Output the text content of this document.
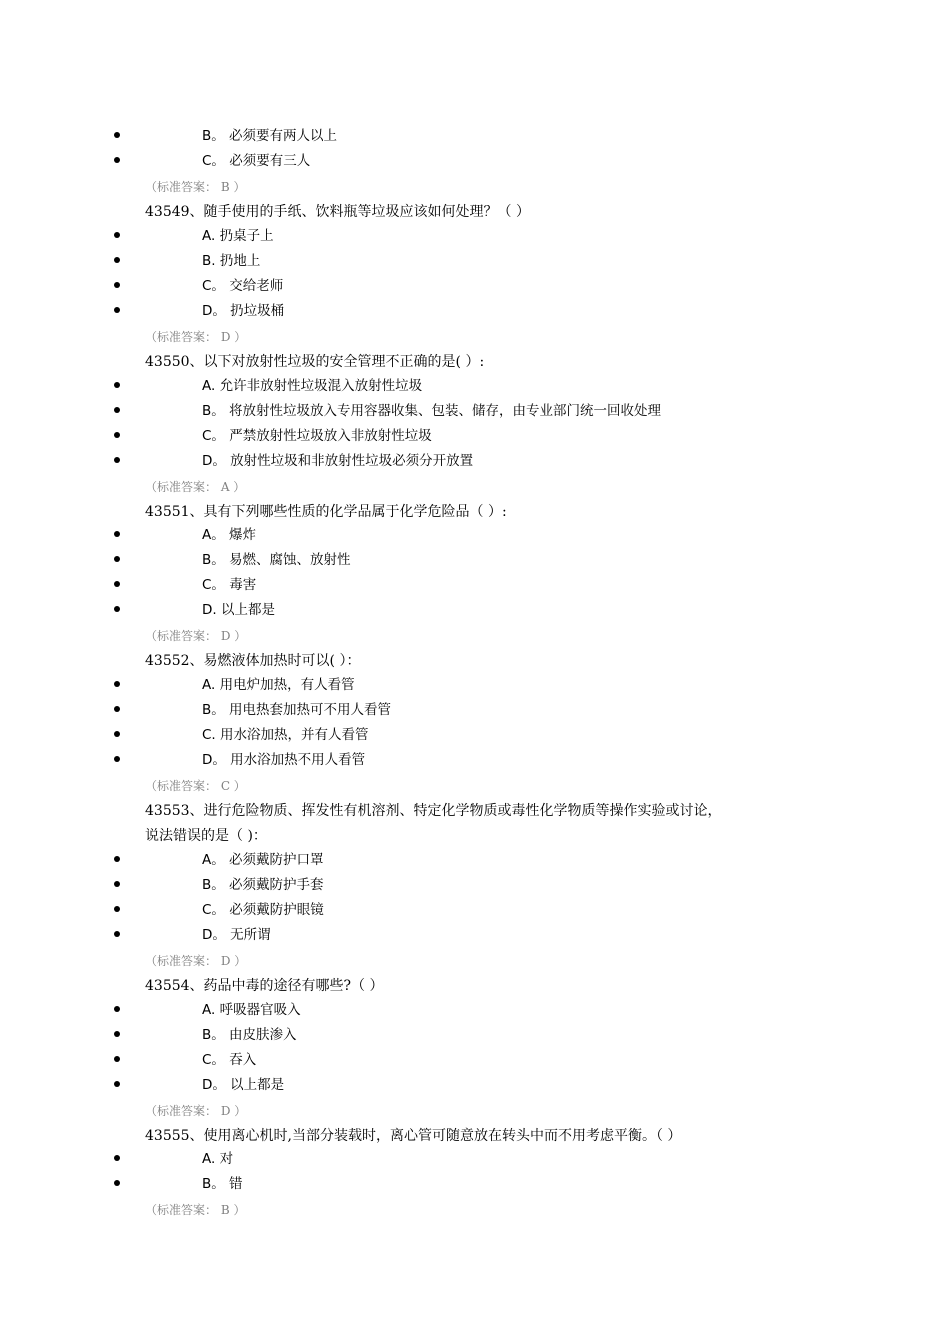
B。 必须要有两人以上
C。 必须要有三人
（标准答案： B ）
43549、随手使用的手纸、饮料瓶等垃圾应该如何处理？（ ）
A. 扔桌子上
B. 扔地上
C。 交给老师
D。 扔垃圾桶
（标准答案： D ）
43550、以下对放射性垃圾的安全管理不正确的是( ）:
A. 允许非放射性垃圾混入放射性垃圾
B。 将放射性垃圾放入专用容器收集、包装、储存，由专业部门统一回收处理
C。 严禁放射性垃圾放入非放射性垃圾
D。 放射性垃圾和非放射性垃圾必须分开放置
（标准答案： A ）
43551、具有下列哪些性质的化学品属于化学危险品（ ）:
A。 爆炸
B。 易燃、腐蚀、放射性
C。 毒害
D. 以上都是
（标准答案： D ）
43552、易燃液体加热时可以( ）：
A. 用电炉加热，有人看管
B。 用电热套加热可不用人看管
C. 用水浴加热，并有人看管
D。 用水浴加热不用人看管
（标准答案： C ）
43553、进行危险物质、挥发性有机溶剂、特定化学物质或毒性化学物质等操作实验或讨论，
说法错误的是（ )：
A。 必须戴防护口罩
B。 必须戴防护手套
C。 必须戴防护眼镜
D。 无所谓
（标准答案： D ）
43554、药品中毒的途径有哪些?（ ）
A. 呼吸器官吸入
B。 由皮肤渗入
C。 吞入
D。 以上都是
（标准答案： D ）
43555、使用离心机时,当部分装载时，离心管可随意放在转头中而不用考虑平衡。（ ）
A. 对
B。 错
（标准答案： B ）
